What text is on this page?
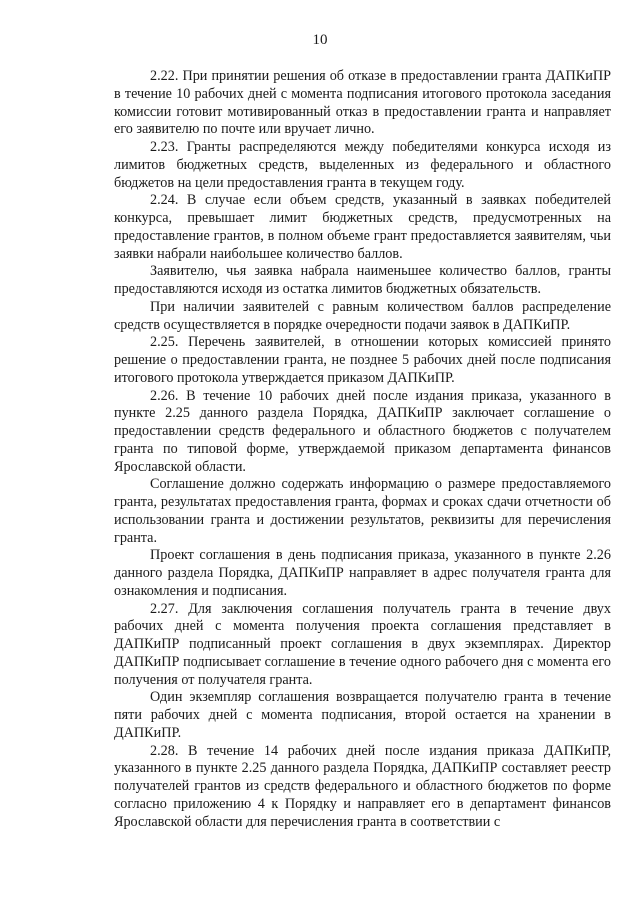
10

2.22. При принятии решения об отказе в предоставлении гранта ДАПКиПР в течение 10 рабочих дней с момента подписания итогового протокола заседания комиссии готовит мотивированный отказ в предоставлении гранта и направляет его заявителю по почте или вручает лично.

2.23. Гранты распределяются между победителями конкурса исходя из лимитов бюджетных средств, выделенных из федерального и областного бюджетов на цели предоставления гранта в текущем году.

2.24. В случае если объем средств, указанный в заявках победителей конкурса, превышает лимит бюджетных средств, предусмотренных на предоставление грантов, в полном объеме грант предоставляется заявителям, чьи заявки набрали наибольшее количество баллов.

Заявителю, чья заявка набрала наименьшее количество баллов, гранты предоставляются исходя из остатка лимитов бюджетных обязательств.

При наличии заявителей с равным количеством баллов распределение средств осуществляется в порядке очередности подачи заявок в ДАПКиПР.

2.25. Перечень заявителей, в отношении которых комиссией принято решение о предоставлении гранта, не позднее 5 рабочих дней после подписания итогового протокола утверждается приказом ДАПКиПР.

2.26. В течение 10 рабочих дней после издания приказа, указанного в пункте 2.25 данного раздела Порядка, ДАПКиПР заключает соглашение о предоставлении средств федерального и областного бюджетов с получателем гранта по типовой форме, утверждаемой приказом департамента финансов Ярославской области.

Соглашение должно содержать информацию о размере предоставляемого гранта, результатах предоставления гранта, формах и сроках сдачи отчетности об использовании гранта и достижении результатов, реквизиты для перечисления гранта.

Проект соглашения в день подписания приказа, указанного в пункте 2.26 данного раздела Порядка, ДАПКиПР направляет в адрес получателя гранта для ознакомления и подписания.

2.27. Для заключения соглашения получатель гранта в течение двух рабочих дней с момента получения проекта соглашения представляет в ДАПКиПР подписанный проект соглашения в двух экземплярах. Директор ДАПКиПР подписывает соглашение в течение одного рабочего дня с момента его получения от получателя гранта.

Один экземпляр соглашения возвращается получателю гранта в течение пяти рабочих дней с момента подписания, второй остается на хранении в ДАПКиПР.

2.28. В течение 14 рабочих дней после издания приказа ДАПКиПР, указанного в пункте 2.25 данного раздела Порядка, ДАПКиПР составляет реестр получателей грантов из средств федерального и областного бюджетов по форме согласно приложению 4 к Порядку и направляет его в департамент финансов Ярославской области для перечисления гранта в соответствии с
